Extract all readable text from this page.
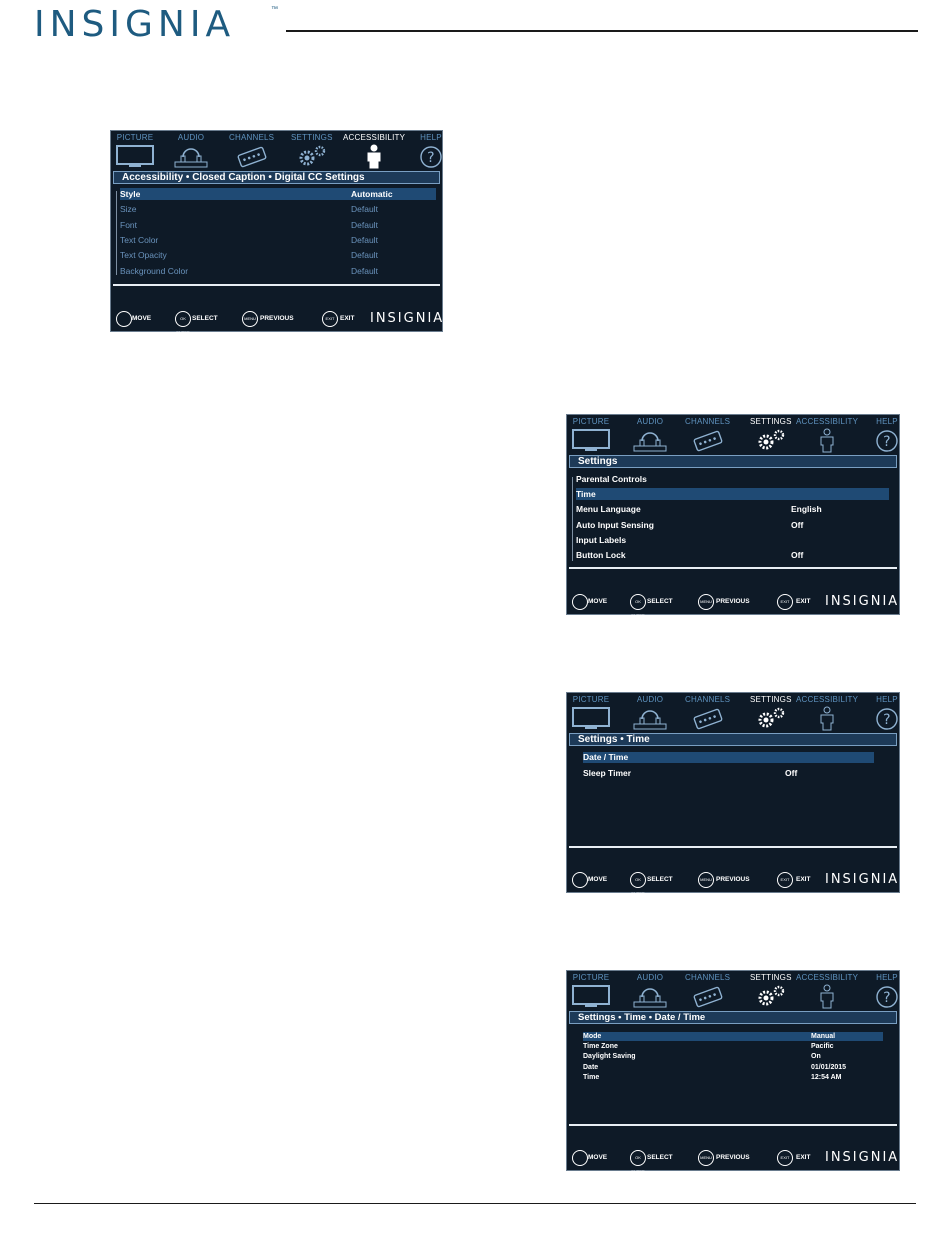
INSIGNIA	™
PICTURE	AUDIO	CHANNELS SETTINGS ACCESSIBILITY	HELP
?
Accessibility • Closed Caption • Digital CC Settings
Style	Automatic
Size	Default
Font	Default
Text Color	Default
Text Opacity	Default
Background Color	Default
MOVE	OK ENTER
SELECT	MENU PREVIOUS	EXIT EXIT INSIGNIA
PICTURE	AUDIO	CHANNELS SETTINGS ACCESSIBILITY	HELP
?
Settings
Parental Controls
Time
Menu Language	English
Auto Input Sensing	Off
Input Labels
Button Lock	Off
MOVE	OK ENTER
SELECT	MENU PREVIOUS	EXIT	EXIT INSIGNIA
PICTURE	AUDIO	CHANNELS SETTINGS ACCESSIBILITY	HELP
?
Settings • Time
Date / Time
Sleep Timer	Off
MOVE	OK ENTER
SELECT	MENU PREVIOUS	EXIT	EXIT INSIGNIA
PICTURE	AUDIO	CHANNELS SETTINGS ACCESSIBILITY	HELP
?
Settings • Time • Date / Time
Mode	Manual
Time Zone	Pacific
Daylight Saving	On
Date	01/01/2015
Time	12:54 AM
MOVE	OK ENTER
SELECT	MENU PREVIOUS	EXIT	EXIT INSIGNIA
